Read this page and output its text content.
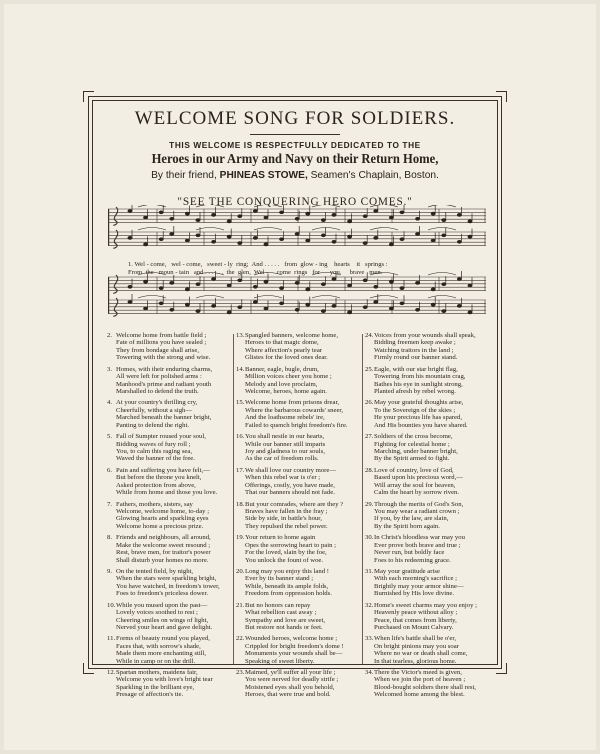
WELCOME SONG FOR SOLDIERS.
THIS WELCOME IS RESPECTFULLY DEDICATED TO THE
Heroes in our Army and Navy on their Return Home,
By their friend, PHINEAS STOWE, Seamen's Chaplain, Boston.
"SEE THE CONQUERING HERO COMES."
1. Wel - come,   wel - come,   sweet - ly  ring;  And . . . . .   from  glow - ing    hearts    it   springs :
From  the   moun - tain   and . . . . . .  the  glen,  Wel -     come  rings   for      you,     brave   men.
2. Welcome home from battle field ;
Fate of millions you have sealed ;
They from bondage shall arise,
Towering with the strong and wise.
3. Homes, with their enduring charms,
All were left for polished arms :
Manhood's prime and radiant youth
Marshalled to defend the truth.
4. At your country's thrilling cry,
Cheerfully, without a sigh—
Marched beneath the banner bright,
Panting to defend the right.
5. Fall of Sumpter roused your soul,
Bidding waves of fury roll ;
You, to calm this raging sea,
Waved the banner of the free.
6. Pain and suffering you have felt,—
But before the throne you knelt,
Asked protection from above,
While from home and those you love.
7. Fathers, mothers, sisters, say
Welcome, welcome home, to-day ;
Glowing hearts and sparkling eyes
Welcome home a precious prize.
8. Friends and neighbours, all around,
Make the welcome sweet resound ;
Rest, brave men, for traitor's power
Shall disturb your homes no more.
9. On the tented field, by night,
When the stars were sparkling bright,
You have watched, in freedom's tower,
Foes to freedom's priceless dower.
10. While you mused upon the past—
Lovely voices soothed to rest ;
Cheering smiles on wings of light,
Nerved your heart and gave delight.
11. Forms of beauty round you played,
Faces that, with sorrow's shade,
Made them more enchanting still,
While in camp or on the drill.
12. Spartan mothers, maidens fair,
Welcome you with love's bright tear
Sparkling in the brilliant eye,
Presage of affection's tie.
13. Spangled banners, welcome home,
Heroes to that magic dome,
Where affection's pearly tear
Glistes for the loved ones dear.
14. Banner, eagle, bugle, drum,
Million voices cheer you home ;
Melody and love proclaim,
Welcome, heroes, home again.
15. Welcome home from prisons drear,
Where the barbarous cowards' sneer,
And the loathsome rebels' ire,
Failed to quench bright freedom's fire.
16. You shall nestle in our hearts,
While our banner still imparts
Joy and gladness to our souls,
As the car of freedom rolls.
17. We shall love our country more—
When this rebel war is o'er ;
Offerings, costly, you have made,
That our banners should not fade.
18. But your comrades, where are they ?
Braves have fallen in the fray ;
Side by side, in battle's hour,
They repulsed the rebel power.
19. Your return to home again
Opes the sorrowing heart to pain ;
For the loved, slain by the foe,
You unlock the fount of woe.
20. Long may you enjoy this land !
Ever by its banner stand ;
While, beneath its ample folds,
Freedom from oppression holds.
21. But no honors can repay
What rebellion cast away ;
Sympathy and love are sweet,
But restore not hands or feet.
22. Wounded heroes, welcome home ;
Crippled for bright freedom's dome !
Monuments your wounds shall be—
Speaking of sweet liberty.
23. Maimed, ye'll suffer all your life ;
You were nerved for deadly strife ;
Moistened eyes shall you behold,
Heroes, that were true and bold.
24. Voices from your wounds shall speak,
Bidding freemen keep awake ;
Watching traitors in the land ;
Firmly round our banner stand.
25. Eagle, with our star bright flag,
Towering from his mountain crag,
Bathes his eye in sunlight strong,
Planted afresh by rebel wrong.
26. May your grateful thoughts arise,
To the Sovereign of the skies ;
He your precious life has spared,
And His bounties you have shared.
27. Soldiers of the cross become,
Fighting for celestial home ;
Marching, under banner bright,
By the Spirit armed to fight.
28. Love of country, love of God,
Based upon his precious word,—
Will array the soul for heaven,
Calm the heart by sorrow riven.
29. Through the merits of God's Son,
You may wear a radiant crown ;
If you, by the law, are slain,
By the Spirit born again.
30. In Christ's bloodless war may you
Ever prove both brave and true ;
Never run, but boldly face
Foes to his redeeming grace.
31. May your gratitude arise
With each morning's sacrifice ;
Brightly may your armor shine—
Burnished by His love divine.
32. Home's sweet charms may you enjoy ;
Heavenly peace without alloy ;
Peace, that comes from liberty,
Purchased on Mount Calvary.
33. When life's battle shall be o'er,
On bright pinions may you soar
Where no war or death shall come,
In that tearless, glorious home.
34. There the Victor's meed is given,
When we join the port of heaven ;
Blood-bought soldiers there shall rest,
Welcomed home among the blest.
